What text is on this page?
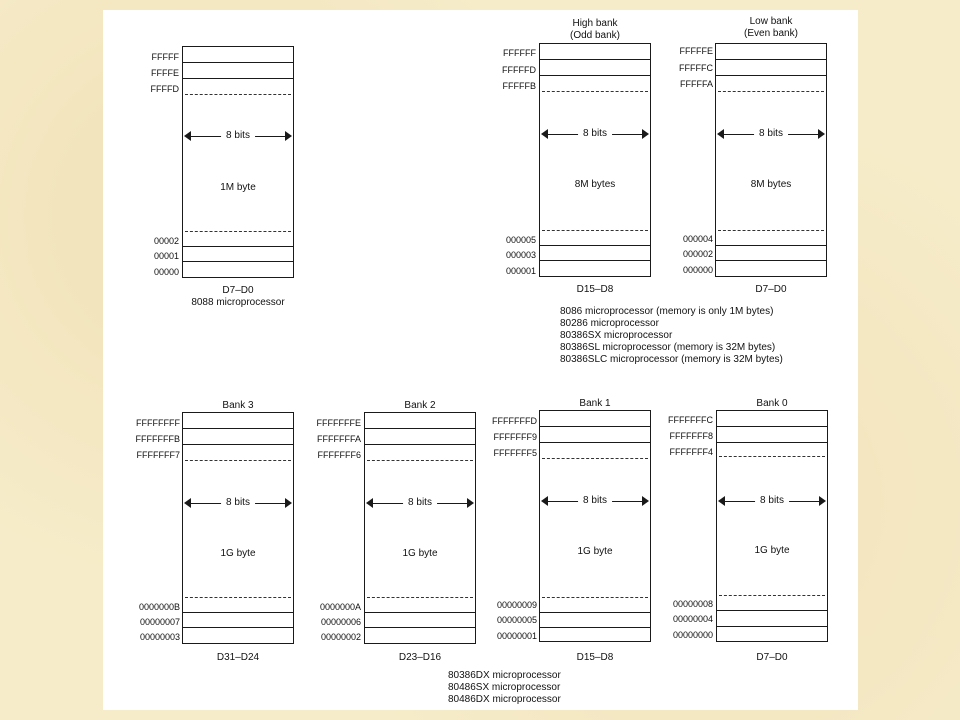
FFFFF
FFFFE
FFFFD
8 bits
1M byte
00002
00001
00000
D7–D0
8088 microprocessor
High bank
(Odd bank)
FFFFFF
FFFFFD
FFFFFB
8 bits
8M bytes
000005
000003
000001
D15–D8
Low bank
(Even bank)
FFFFFE
FFFFFC
FFFFFA
8 bits
8M bytes
000004
000002
000000
D7–D0
8086 microprocessor (memory is only 1M bytes)
80286 microprocessor
80386SX microprocessor
80386SL microprocessor (memory is 32M bytes)
80386SLC microprocessor (memory is 32M bytes)
Bank 3
FFFFFFFF
FFFFFFFB
FFFFFFF7
8 bits
1G byte
0000000B
00000007
00000003
D31–D24
Bank 2
FFFFFFFE
FFFFFFFA
FFFFFFF6
8 bits
1G byte
0000000A
00000006
00000002
D23–D16
Bank 1
FFFFFFFD
FFFFFFF9
FFFFFFF5
8 bits
1G byte
00000009
00000005
00000001
D15–D8
Bank 0
FFFFFFFC
FFFFFFF8
FFFFFFF4
8 bits
1G byte
00000008
00000004
00000000
D7–D0
80386DX microprocessor
80486SX microprocessor
80486DX microprocessor
